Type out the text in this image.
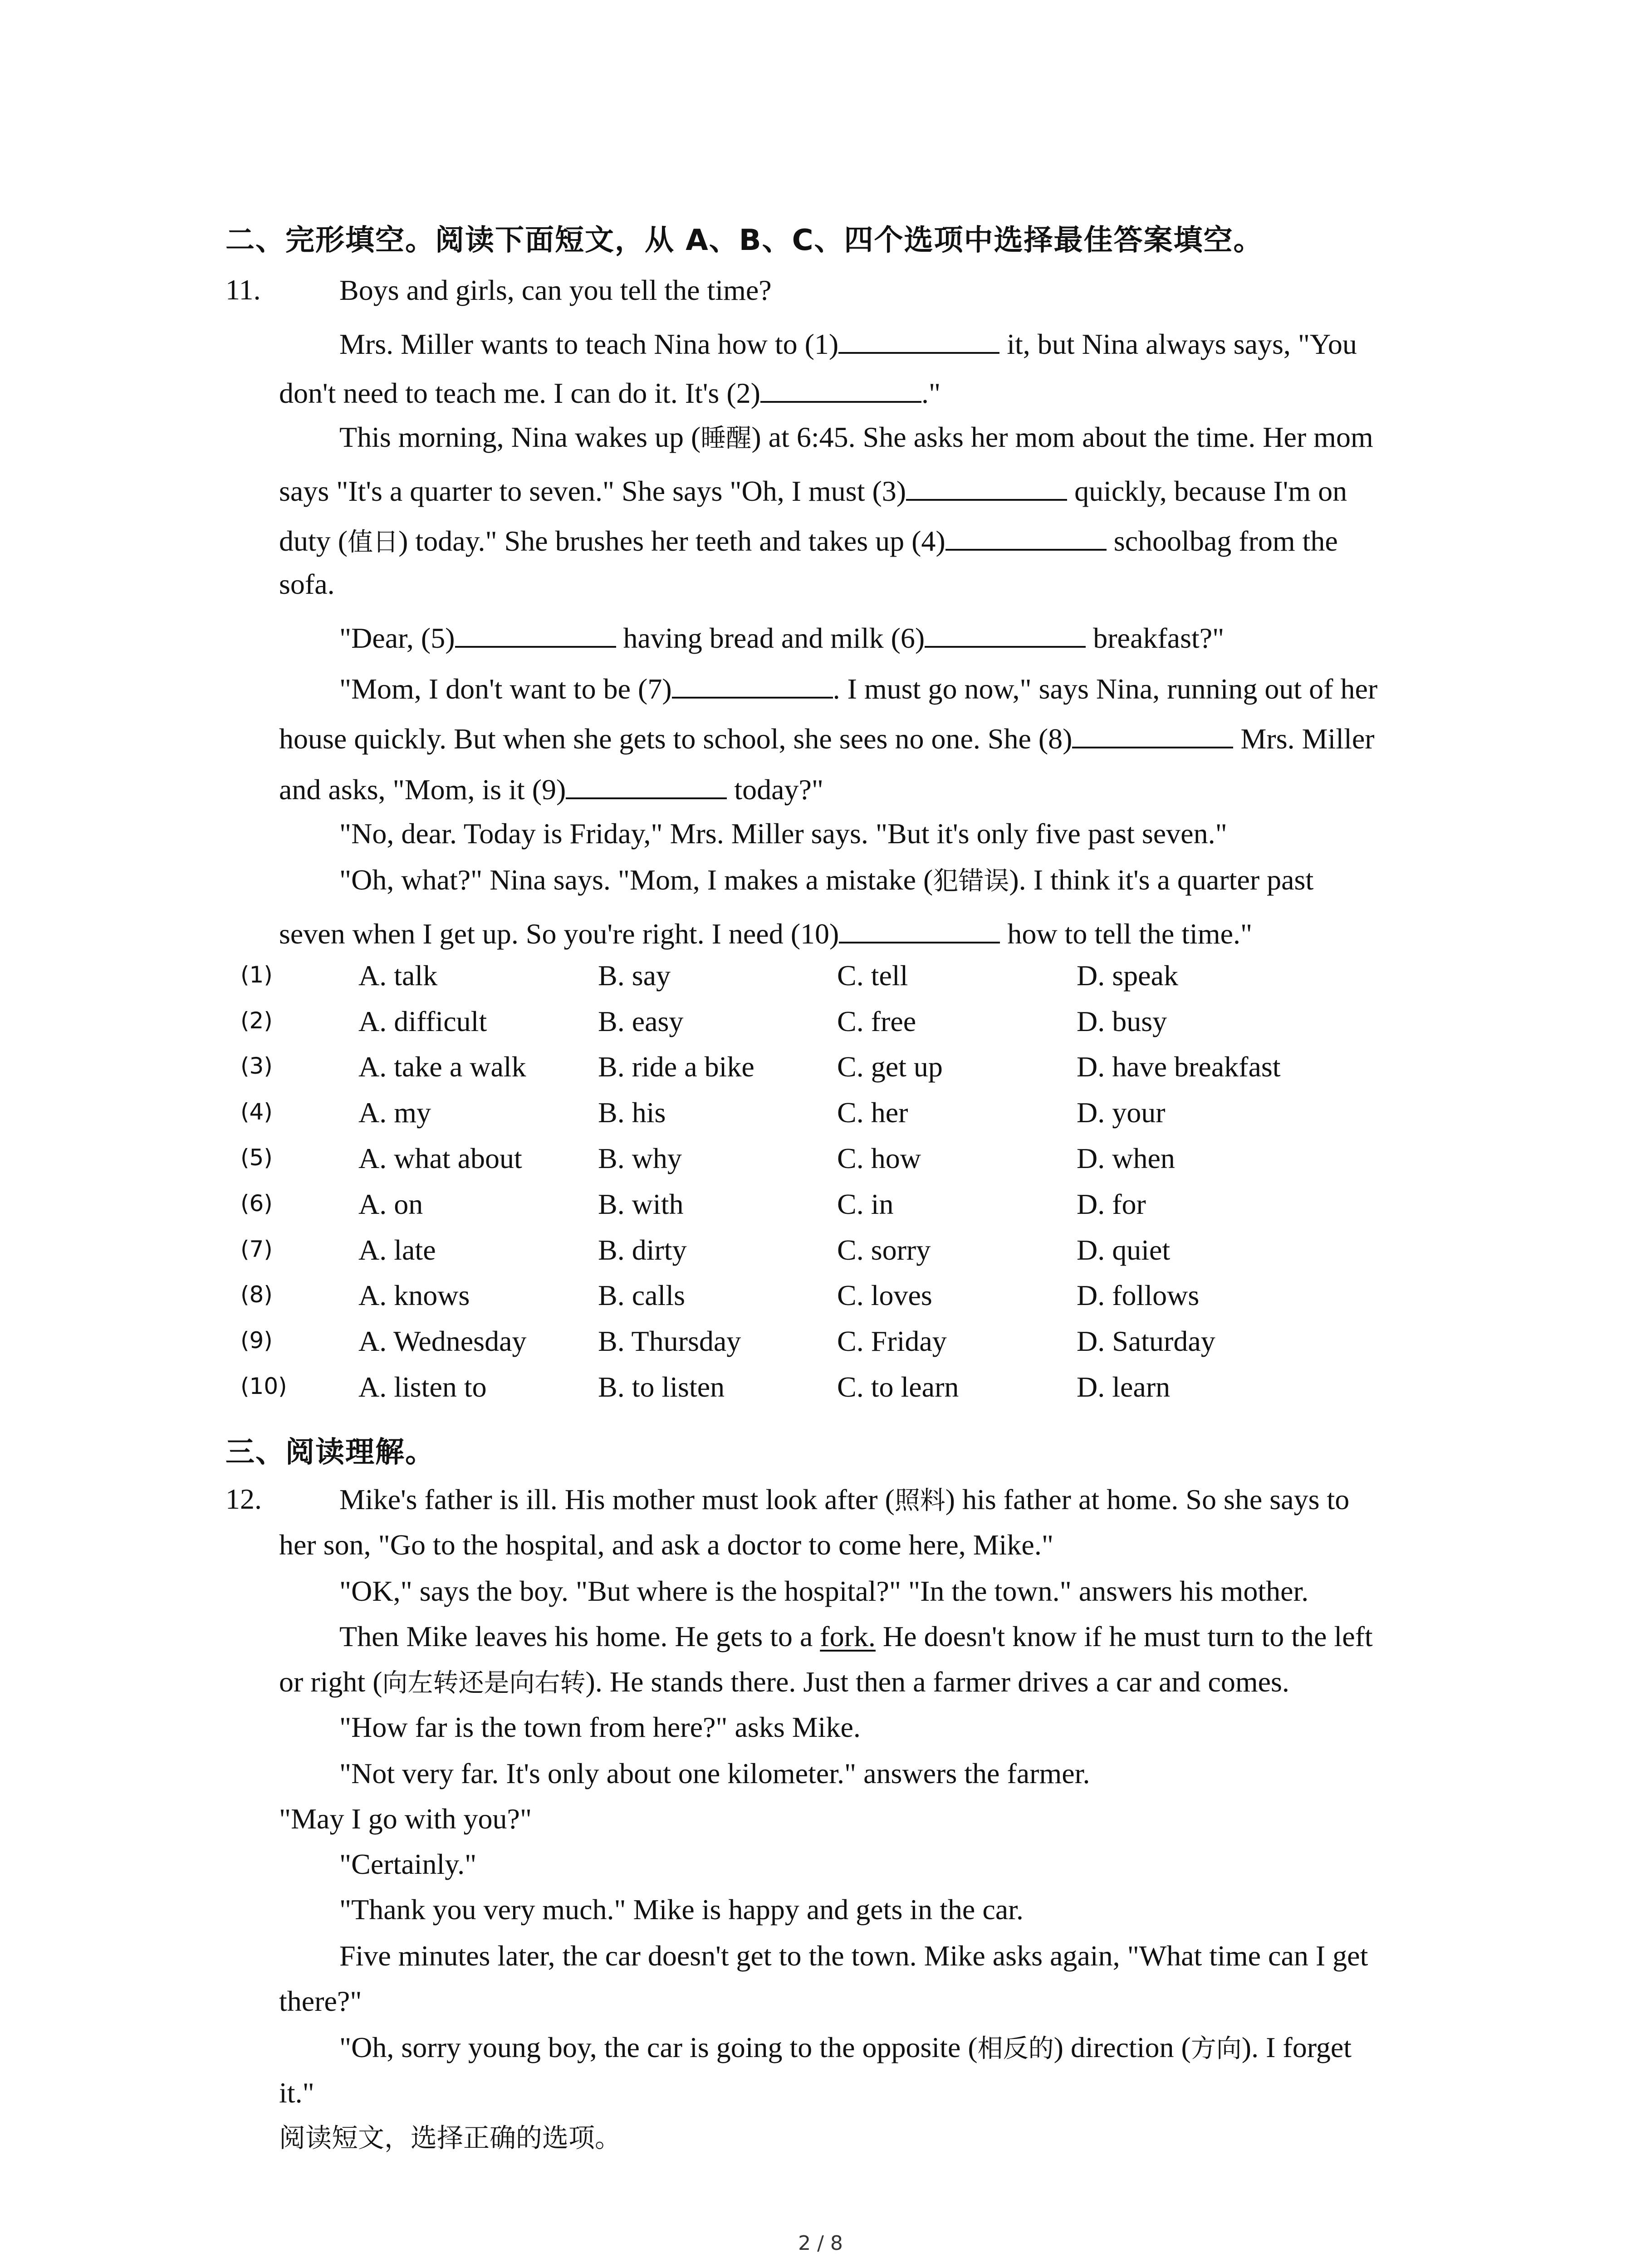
二、完形填空。阅读下面短文，从 A、B、C、四个选项中选择最佳答案填空。
11.	Boys and girls, can you tell the time?
Mrs. Miller wants to teach Nina how to (1)	it, but Nina always says, "You
don't need to teach me. I can do it. It's (2)	."
This morning, Nina wakes up (睡醒) at 6:45. She asks her mom about the time. Her mom
says "It's a quarter to seven." She says "Oh, I must (3)	quickly, because I'm on
duty (值日) today." She brushes her teeth and takes up (4)	schoolbag from the
sofa.
"Dear, (5)	having bread and milk (6)	breakfast?"
"Mom, I don't want to be (7)	. I must go now," says Nina, running out of her
house quickly. But when she gets to school, she sees no one. She (8)	Mrs. Miller
and asks, "Mom, is it (9)	today?"
"No, dear. Today is Friday," Mrs. Miller says. "But it's only five past seven."
"Oh, what?" Nina says. "Mom, I makes a mistake (犯错误). I think it's a quarter past
seven when I get up. So you're right. I need (10)	how to tell the time."
(1)	A. talk	B. say	C. tell	D. speak
(2)	A. difficult	B. easy	C. free	D. busy
(3)	A. take a walk B. ride a bike	C. get up	D. have breakfast
(4)	A. my	B. his	C. her	D. your
(5)	A. what about	B. why	C. how	D. when
(6)	A. on	B. with	C. in	D. for
(7)	A. late	B. dirty	C. sorry	D. quiet
(8)	A. knows	B. calls	C. loves	D. follows
(9)	A. Wednesday B. Thursday	C. Friday	D. Saturday
(10) A. listen to	B. to listen	C. to learn	D. learn
三、阅读理解。
12.	Mike's father is ill. His mother must look after (照料) his father at home. So she says to
her son, "Go to the hospital, and ask a doctor to come here, Mike."
"OK," says the boy. "But where is the hospital?" "In the town." answers his mother.
Then Mike leaves his home. He gets to a fork. He doesn't know if he must turn to the left
or right (向左转还是向右转). He stands there. Just then a farmer drives a car and comes.
"How far is the town from here?" asks Mike.
"Not very far. It's only about one kilometer." answers the farmer.
"May I go with you?"
"Certainly."
"Thank you very much." Mike is happy and gets in the car.
Five minutes later, the car doesn't get to the town. Mike asks again, "What time can I get
there?"
"Oh, sorry young boy, the car is going to the opposite (相反的) direction (方向). I forget
it."
阅读短文，选择正确的选项。
2 / 8
